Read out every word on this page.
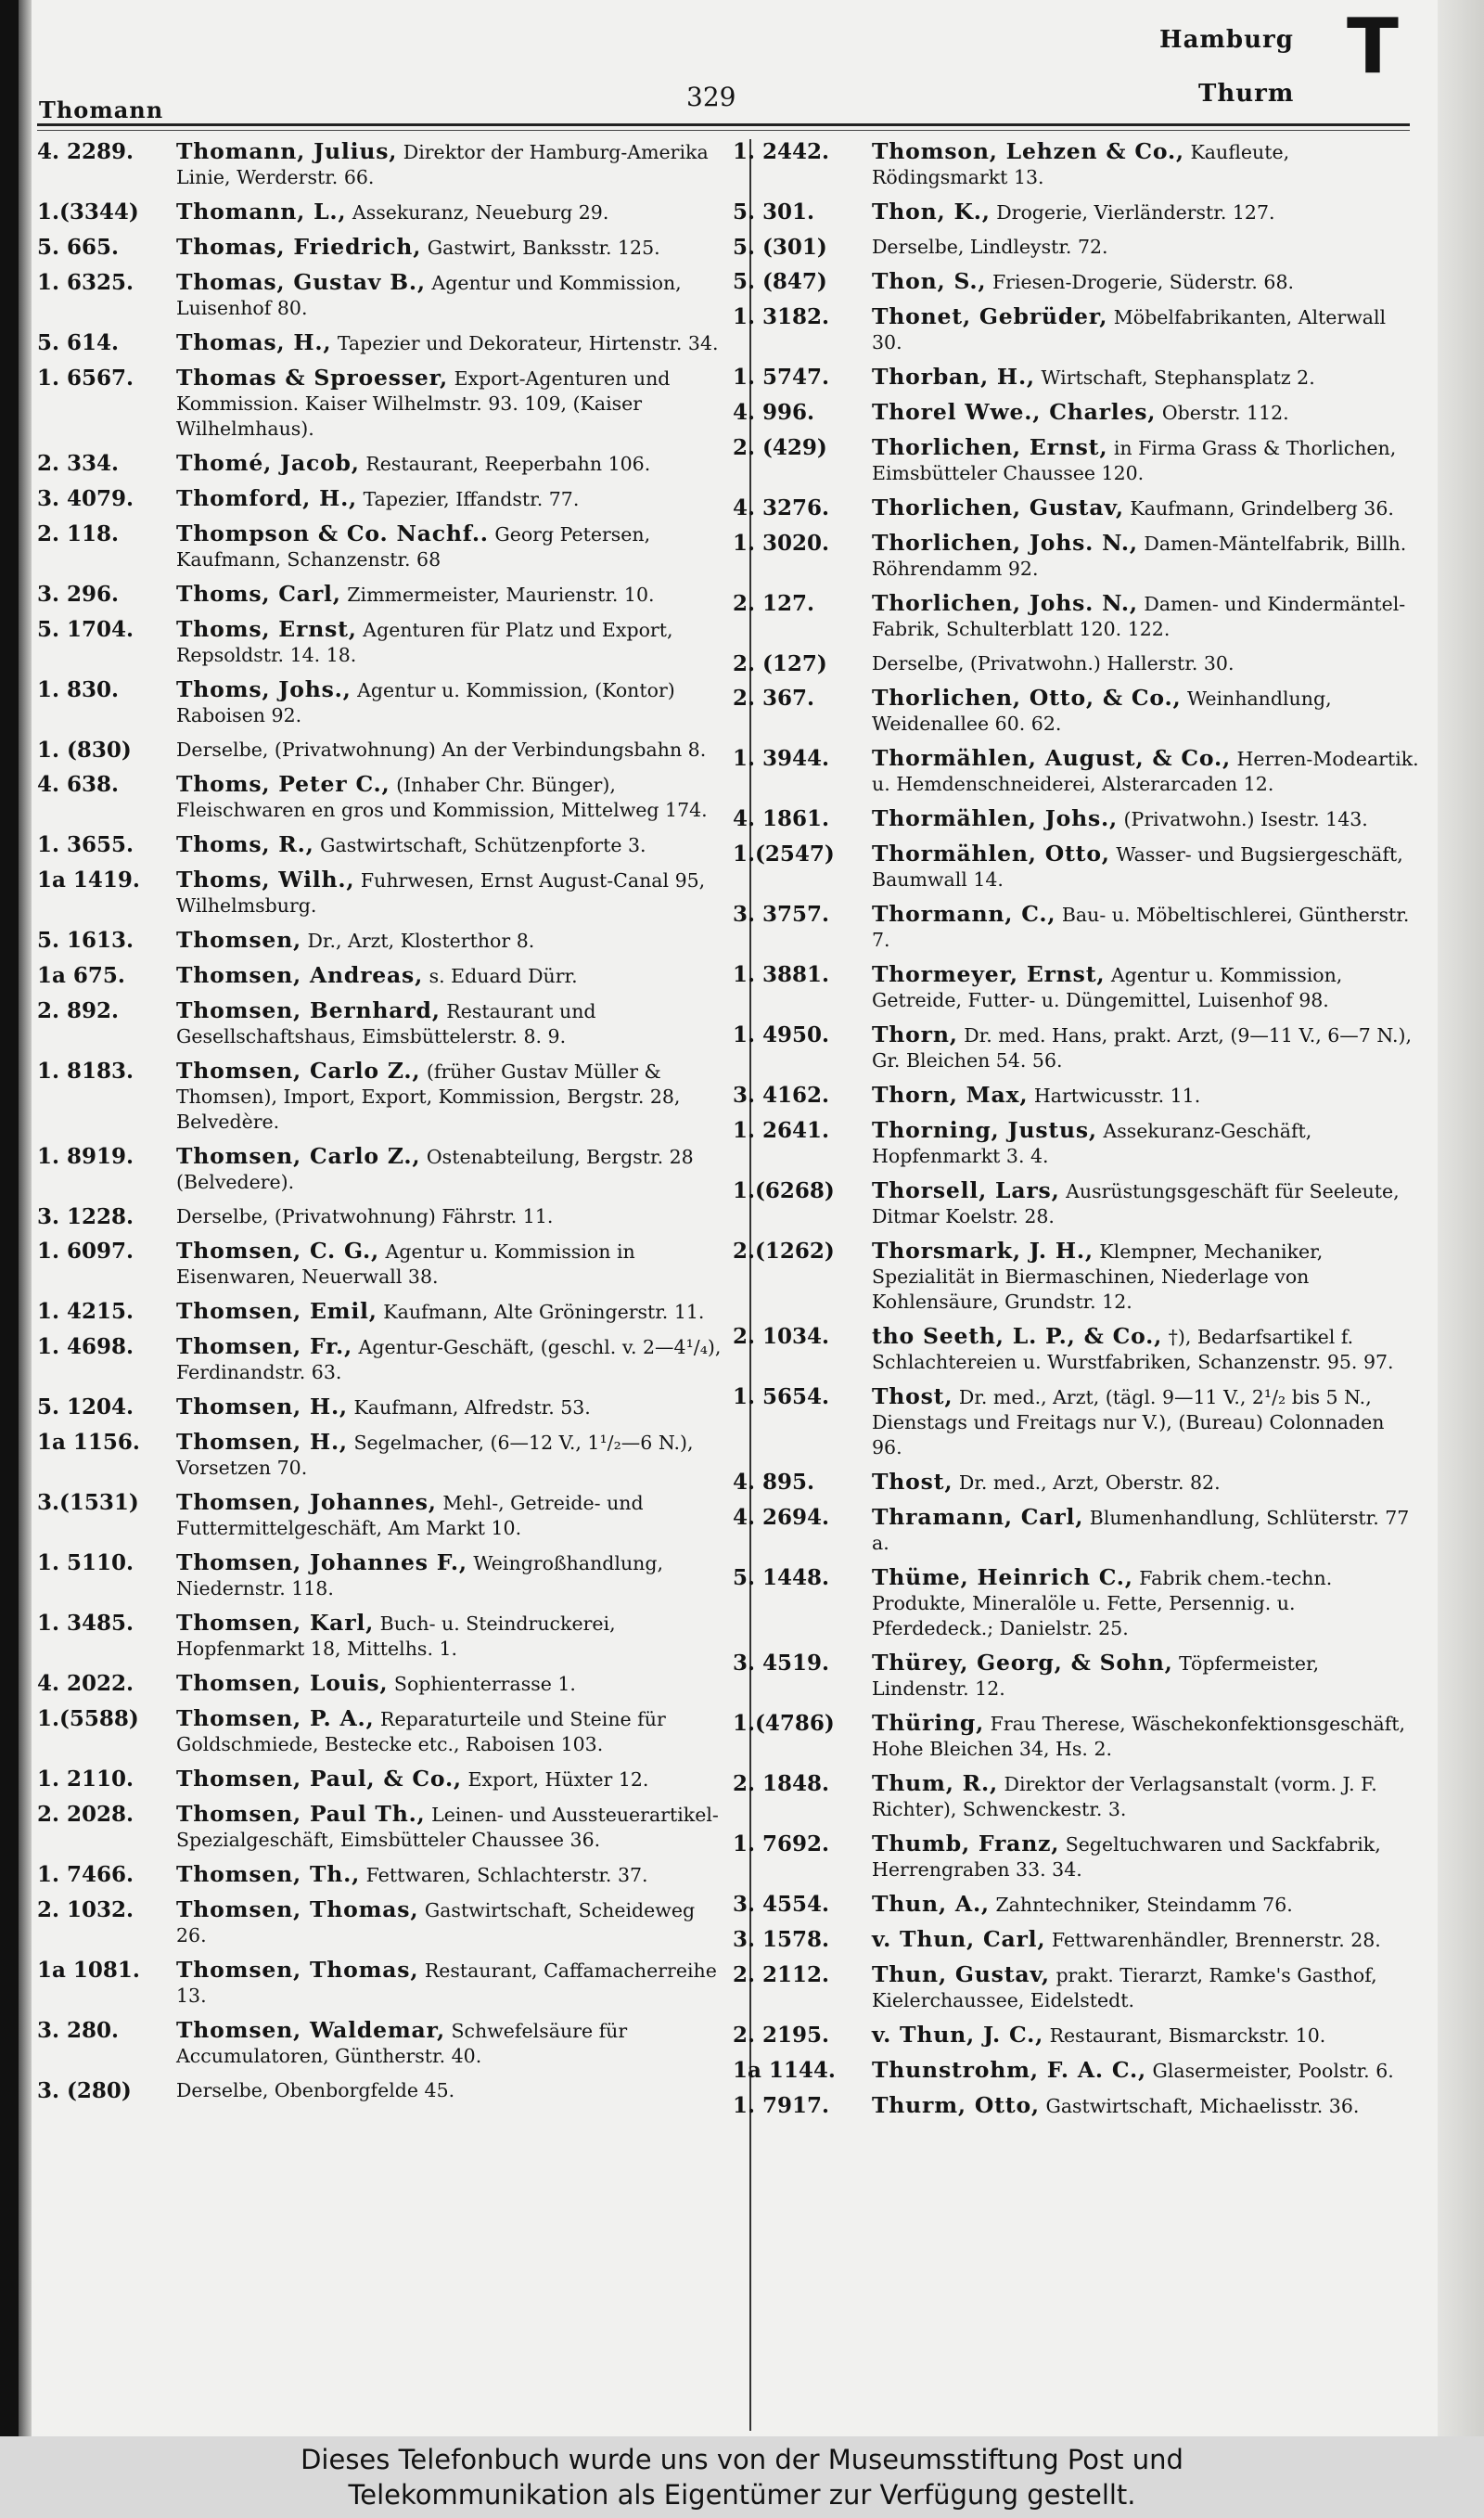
Thomann	329
Hamburg
Thurm
T
4. 2289.	Thomann, Julius, Direktor der Hamburg-Amerika Linie, Werderstr. 66.
1.(3344)	Thomann, L., Assekuranz, Neueburg 29.
5. 665.	Thomas, Friedrich, Gastwirt, Banksstr. 125.
1. 6325.	Thomas, Gustav B., Agentur und Kommission, Luisenhof 80.
5. 614.	Thomas, H., Tapezier und Dekorateur, Hirtenstr. 34.
1. 6567.	Thomas & Sproesser, Export-Agenturen und Kommission. Kaiser Wilhelmstr. 93. 109, (Kaiser Wilhelmhaus).
2. 334.	Thomé, Jacob, Restaurant, Reeperbahn 106.
3. 4079.	Thomford, H., Tapezier, Iffandstr. 77.
2. 118.	Thompson & Co. Nachf.. Georg Petersen, Kaufmann, Schanzenstr. 68
3. 296.	Thoms, Carl, Zimmermeister, Maurienstr. 10.
5. 1704.	Thoms, Ernst, Agenturen für Platz und Export, Repsoldstr. 14. 18.
1. 830.	Thoms, Johs., Agentur u. Kommission, (Kontor) Raboisen 92.
1. (830)	Derselbe, (Privatwohnung) An der Verbindungsbahn 8.
4. 638.	Thoms, Peter C., (Inhaber Chr. Bünger), Fleischwaren en gros und Kommission, Mittelweg 174.
1. 3655.	Thoms, R., Gastwirtschaft, Schützenpforte 3.
1a 1419.	Thoms, Wilh., Fuhrwesen, Ernst August-Canal 95, Wilhelmsburg.
5. 1613.	Thomsen, Dr., Arzt, Klosterthor 8.
1a 675.	Thomsen, Andreas, s. Eduard Dürr.
2. 892.	Thomsen, Bernhard, Restaurant und Gesellschaftshaus, Eimsbüttelerstr. 8. 9.
1. 8183.	Thomsen, Carlo Z., (früher Gustav Müller & Thomsen), Import, Export, Kommission, Bergstr. 28, Belvedère.
1. 8919.	Thomsen, Carlo Z., Ostenabteilung, Bergstr. 28 (Belvedere).
3. 1228.	Derselbe, (Privatwohnung) Fährstr. 11.
1. 6097.	Thomsen, C. G., Agentur u. Kommission in Eisenwaren, Neuerwall 38.
1. 4215.	Thomsen, Emil, Kaufmann, Alte Gröningerstr. 11.
1. 4698.	Thomsen, Fr., Agentur-Geschäft, (geschl. v. 2—4¹/₄), Ferdinandstr. 63.
5. 1204.	Thomsen, H., Kaufmann, Alfredstr. 53.
1a 1156.	Thomsen, H., Segelmacher, (6—12 V., 1¹/₂—6 N.), Vorsetzen 70.
3.(1531)	Thomsen, Johannes, Mehl-, Getreide- und Futtermittelgeschäft, Am Markt 10.
1. 5110.	Thomsen, Johannes F., Weingroßhandlung, Niedernstr. 118.
1. 3485.	Thomsen, Karl, Buch- u. Steindruckerei, Hopfenmarkt 18, Mittelhs. 1.
4. 2022.	Thomsen, Louis, Sophienterrasse 1.
1.(5588)	Thomsen, P. A., Reparaturteile und Steine für Goldschmiede, Bestecke etc., Raboisen 103.
1. 2110.	Thomsen, Paul, & Co., Export, Hüxter 12.
2. 2028.	Thomsen, Paul Th., Leinen- und Aussteuerartikel-Spezialgeschäft, Eimsbütteler Chaussee 36.
1. 7466.	Thomsen, Th., Fettwaren, Schlachterstr. 37.
2. 1032.	Thomsen, Thomas, Gastwirtschaft, Scheideweg 26.
1a 1081.	Thomsen, Thomas, Restaurant, Caffamacherreihe 13.
3. 280.	Thomsen, Waldemar, Schwefelsäure für Accumulatoren, Güntherstr. 40.
3. (280)	Derselbe, Obenborgfelde 45.
1. 2442.	Thomson, Lehzen & Co., Kaufleute, Rödingsmarkt 13.
5. 301.	Thon, K., Drogerie, Vierländerstr. 127.
5. (301)	Derselbe, Lindleystr. 72.
5. (847)	Thon, S., Friesen-Drogerie, Süderstr. 68.
1. 3182.	Thonet, Gebrüder, Möbelfabrikanten, Alterwall 30.
1. 5747.	Thorban, H., Wirtschaft, Stephansplatz 2.
4. 996.	Thorel Wwe., Charles, Oberstr. 112.
2. (429)	Thorlichen, Ernst, in Firma Grass & Thorlichen, Eimsbütteler Chaussee 120.
4. 3276.	Thorlichen, Gustav, Kaufmann, Grindelberg 36.
1. 3020.	Thorlichen, Johs. N., Damen-Mäntelfabrik, Billh. Röhrendamm 92.
2. 127.	Thorlichen, Johs. N., Damen- und Kindermäntel-Fabrik, Schulterblatt 120. 122.
2. (127)	Derselbe, (Privatwohn.) Hallerstr. 30.
2. 367.	Thorlichen, Otto, & Co., Weinhandlung, Weidenallee 60. 62.
1. 3944.	Thormählen, August, & Co., Herren-Modeartik. u. Hemdenschneiderei, Alsterarcaden 12.
4. 1861.	Thormählen, Johs., (Privatwohn.) Isestr. 143.
1.(2547)	Thormählen, Otto, Wasser- und Bugsiergeschäft, Baumwall 14.
3. 3757.	Thormann, C., Bau- u. Möbeltischlerei, Güntherstr. 7.
1. 3881.	Thormeyer, Ernst, Agentur u. Kommission, Getreide, Futter- u. Düngemittel, Luisenhof 98.
1. 4950.	Thorn, Dr. med. Hans, prakt. Arzt, (9—11 V., 6—7 N.), Gr. Bleichen 54. 56.
3. 4162.	Thorn, Max, Hartwicusstr. 11.
1. 2641.	Thorning, Justus, Assekuranz-Geschäft, Hopfenmarkt 3. 4.
1.(6268)	Thorsell, Lars, Ausrüstungsgeschäft für Seeleute, Ditmar Koelstr. 28.
2.(1262)	Thorsmark, J. H., Klempner, Mechaniker, Spezialität in Biermaschinen, Niederlage von Kohlensäure, Grundstr. 12.
2. 1034.	tho Seeth, L. P., & Co., †), Bedarfsartikel f. Schlachtereien u. Wurstfabriken, Schanzenstr. 95. 97.
1. 5654.	Thost, Dr. med., Arzt, (tägl. 9—11 V., 2¹/₂ bis 5 N., Dienstags und Freitags nur V.), (Bureau) Colonnaden 96.
4. 895.	Thost, Dr. med., Arzt, Oberstr. 82.
4. 2694.	Thramann, Carl, Blumenhandlung, Schlüterstr. 77 a.
5. 1448.	Thüme, Heinrich C., Fabrik chem.-techn. Produkte, Mineralöle u. Fette, Persennig. u. Pferdedeck.; Danielstr. 25.
3. 4519.	Thürey, Georg, & Sohn, Töpfermeister, Lindenstr. 12.
1.(4786)	Thüring, Frau Therese, Wäschekonfektionsgeschäft, Hohe Bleichen 34, Hs. 2.
2. 1848.	Thum, R., Direktor der Verlagsanstalt (vorm. J. F. Richter), Schwenckestr. 3.
1. 7692.	Thumb, Franz, Segeltuchwaren und Sackfabrik, Herrengraben 33. 34.
3. 4554.	Thun, A., Zahntechniker, Steindamm 76.
3. 1578.	v. Thun, Carl, Fettwarenhändler, Brennerstr. 28.
2. 2112.	Thun, Gustav, prakt. Tierarzt, Ramke's Gasthof, Kielerchaussee, Eidelstedt.
2. 2195.	v. Thun, J. C., Restaurant, Bismarckstr. 10.
1a 1144.	Thunstrohm, F. A. C., Glasermeister, Poolstr. 6.
1. 7917.	Thurm, Otto, Gastwirtschaft, Michaelisstr. 36.
Dieses Telefonbuch wurde uns von der Museumsstiftung Post und
Telekommunikation als Eigentümer zur Verfügung gestellt.
